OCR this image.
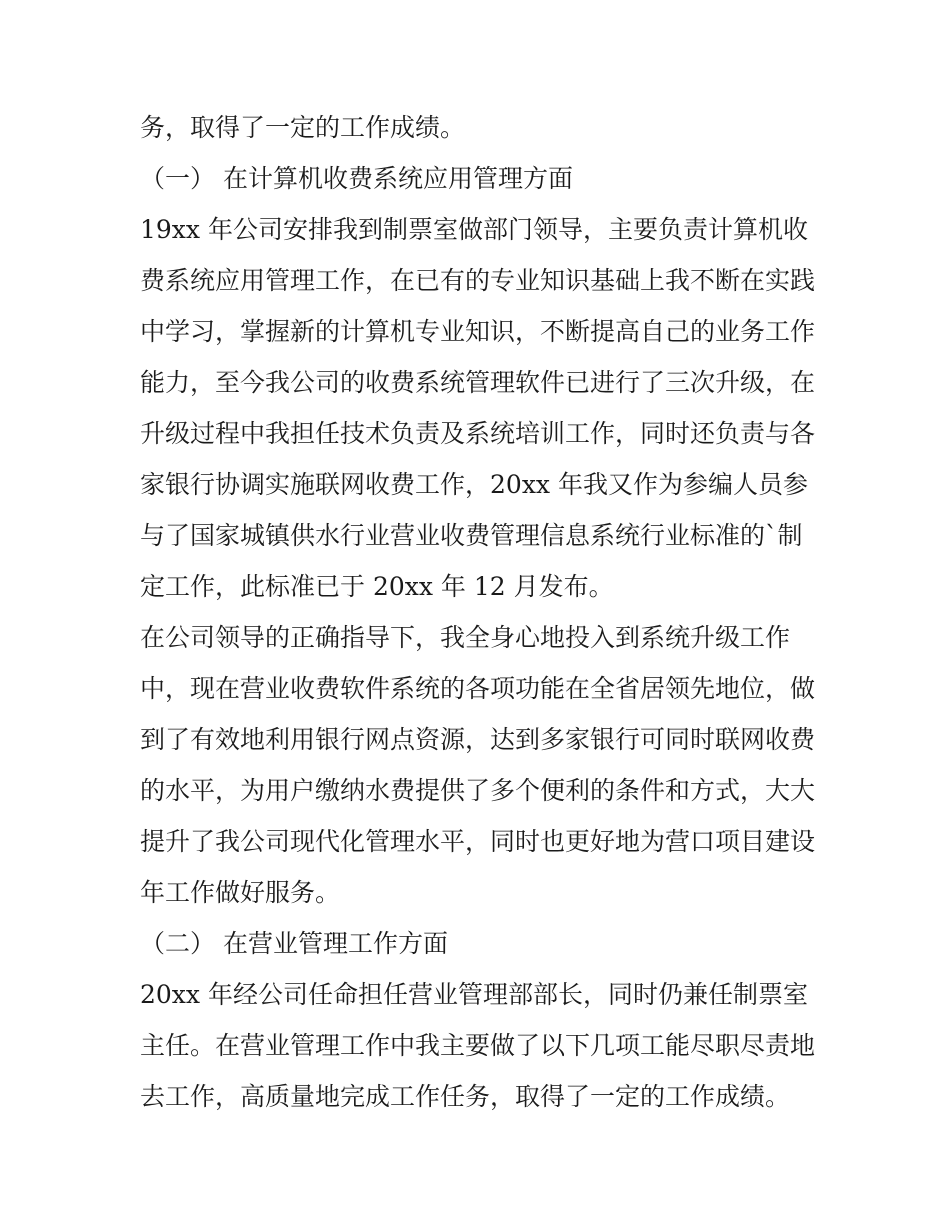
务，取得了一定的工作成绩。
（一） 在计算机收费系统应用管理方面
19xx 年公司安排我到制票室做部门领导，主要负责计算机收
费系统应用管理工作，在已有的专业知识基础上我不断在实践
中学习，掌握新的计算机专业知识，不断提高自己的业务工作
能力，至今我公司的收费系统管理软件已进行了三次升级，在
升级过程中我担任技术负责及系统培训工作，同时还负责与各
家银行协调实施联网收费工作，20xx 年我又作为参编人员参
与了国家城镇供水行业营业收费管理信息系统行业标准的`制
定工作，此标准已于 20xx 年 12 月发布。
在公司领导的正确指导下，我全身心地投入到系统升级工作
中，现在营业收费软件系统的各项功能在全省居领先地位，做
到了有效地利用银行网点资源，达到多家银行可同时联网收费
的水平，为用户缴纳水费提供了多个便利的条件和方式，大大
提升了我公司现代化管理水平，同时也更好地为营口项目建设
年工作做好服务。
（二） 在营业管理工作方面
20xx 年经公司任命担任营业管理部部长，同时仍兼任制票室
主任。在营业管理工作中我主要做了以下几项工能尽职尽责地
去工作，高质量地完成工作任务，取得了一定的工作成绩。
